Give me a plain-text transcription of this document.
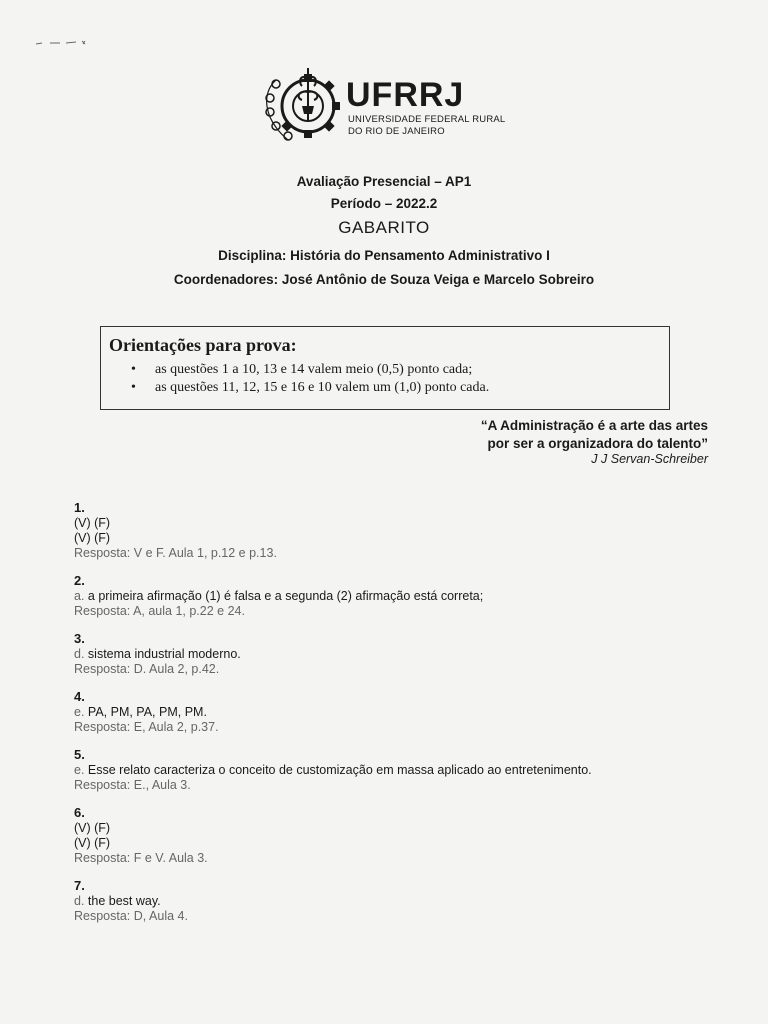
UFRRJ
UNIVERSIDADE FEDERAL RURAL
DO RIO DE JANEIRO
Avaliação Presencial – AP1
Período – 2022.2
GABARITO
Disciplina: História do Pensamento Administrativo I
Coordenadores: José Antônio de Souza Veiga e Marcelo Sobreiro
Orientações para prova:
• as questões 1 a 10, 13 e 14 valem meio (0,5) ponto cada;
• as questões 11, 12, 15 e 16 e 10 valem um (1,0) ponto cada.
“A Administração é a arte das artes
por ser a organizadora do talento”
J J Servan-Schreiber
1.
(V) (F)
(V) (F)
Resposta: V e F. Aula 1, p.12 e p.13.
2.
a. a primeira afirmação (1) é falsa e a segunda (2) afirmação está correta;
Resposta: A, aula 1, p.22 e 24.
3.
d. sistema industrial moderno.
Resposta: D. Aula 2, p.42.
4.
e. PA, PM, PA, PM, PM.
Resposta: E, Aula 2, p.37.
5.
e. Esse relato caracteriza o conceito de customização em massa aplicado ao entretenimento.
Resposta: E., Aula 3.
6.
(V) (F)
(V) (F)
Resposta: F e V. Aula 3.
7.
d. the best way.
Resposta: D, Aula 4.
